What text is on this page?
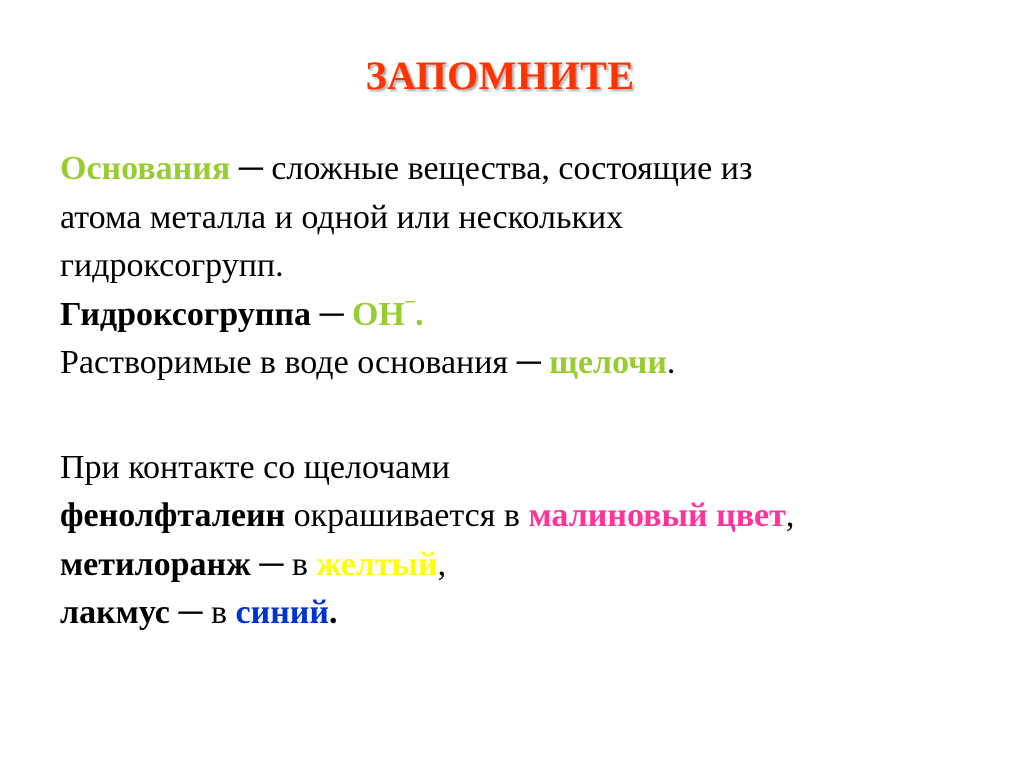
ЗАПОМНИТЕ
Основания ─ сложные вещества, состоящие из
атома металла и одной или нескольких
гидроксогрупп.
Гидроксогруппа ─ OH–.
Растворимые в воде основания ─ щелочи.
При контакте со щелочами
фенолфталеин окрашивается в малиновый цвет,
метилоранж ─ в желтый,
лакмус ─ в синий.
